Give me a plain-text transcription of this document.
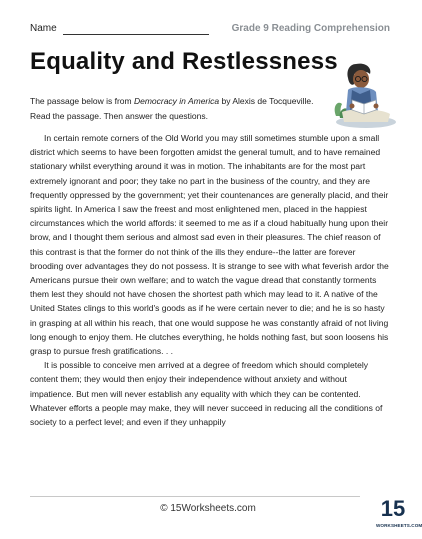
Name	Grade 9 Reading Comprehension
Equality and Restlessness
The passage below is from Democracy in America by Alexis de Tocqueville. Read the passage. Then answer the questions.

In certain remote corners of the Old World you may still sometimes stumble upon a small district which seems to have been forgotten amidst the general tumult, and to have remained stationary whilst everything around it was in motion. The inhabitants are for the most part extremely ignorant and poor; they take no part in the business of the country, and they are frequently oppressed by the government; yet their countenances are generally placid, and their spirits light. In America I saw the freest and most enlightened men, placed in the happiest circumstances which the world affords: it seemed to me as if a cloud habitually hung upon their brow, and I thought them serious and almost sad even in their pleasures. The chief reason of this contrast is that the former do not think of the ills they endure--the latter are forever brooding over advantages they do not possess. It is strange to see with what feverish ardor the Americans pursue their own welfare; and to watch the vague dread that constantly torments them lest they should not have chosen the shortest path which may lead to it. A native of the United States clings to this world's goods as if he were certain never to die; and he is so hasty in grasping at all within his reach, that one would suppose he was constantly afraid of not living long enough to enjoy them. He clutches everything, he holds nothing fast, but soon loosens his grasp to pursue fresh gratifications. . .

It is possible to conceive men arrived at a degree of freedom which should completely content them; they would then enjoy their independence without anxiety and without impatience. But men will never establish any equality with which they can be contented. Whatever efforts a people may make, they will never succeed in reducing all the conditions of society to a perfect level; and even if they unhappily

© 15Worksheets.com	15
WORKSHEETS.COM
